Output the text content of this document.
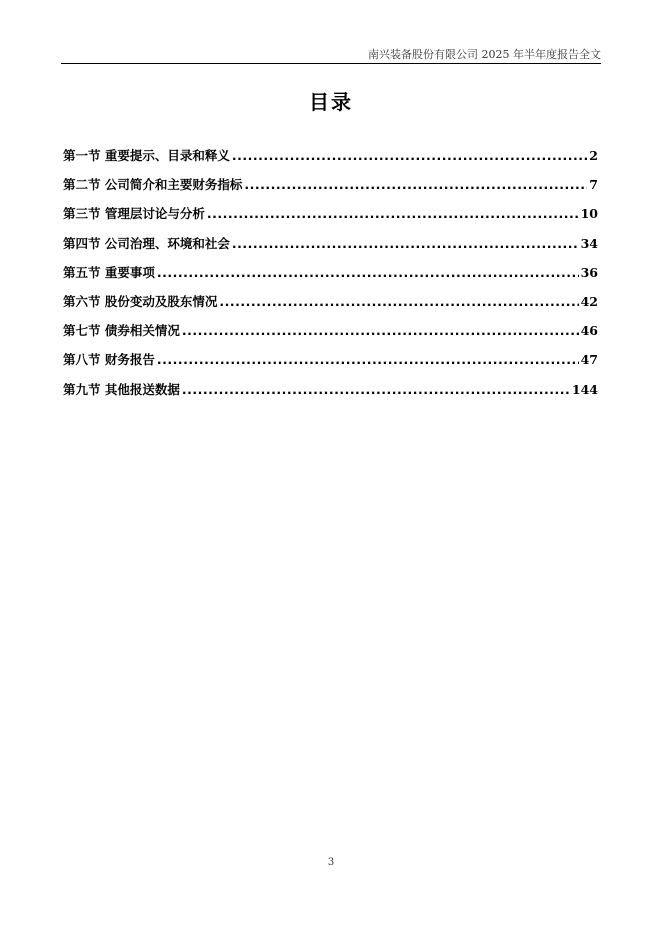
南兴装备股份有限公司 2025 年半年度报告全文
目录
第一节 重要提示、目录和释义 .....	2
第二节 公司简介和主要财务指标 .....	7
第三节 管理层讨论与分析 .....	10
第四节 公司治理、环境和社会 .....	34
第五节 重要事项 .....	36
第六节 股份变动及股东情况 .....	42
第七节 债券相关情况 .....	46
第八节 财务报告 .....	47
第九节 其他报送数据 .....	144
3
